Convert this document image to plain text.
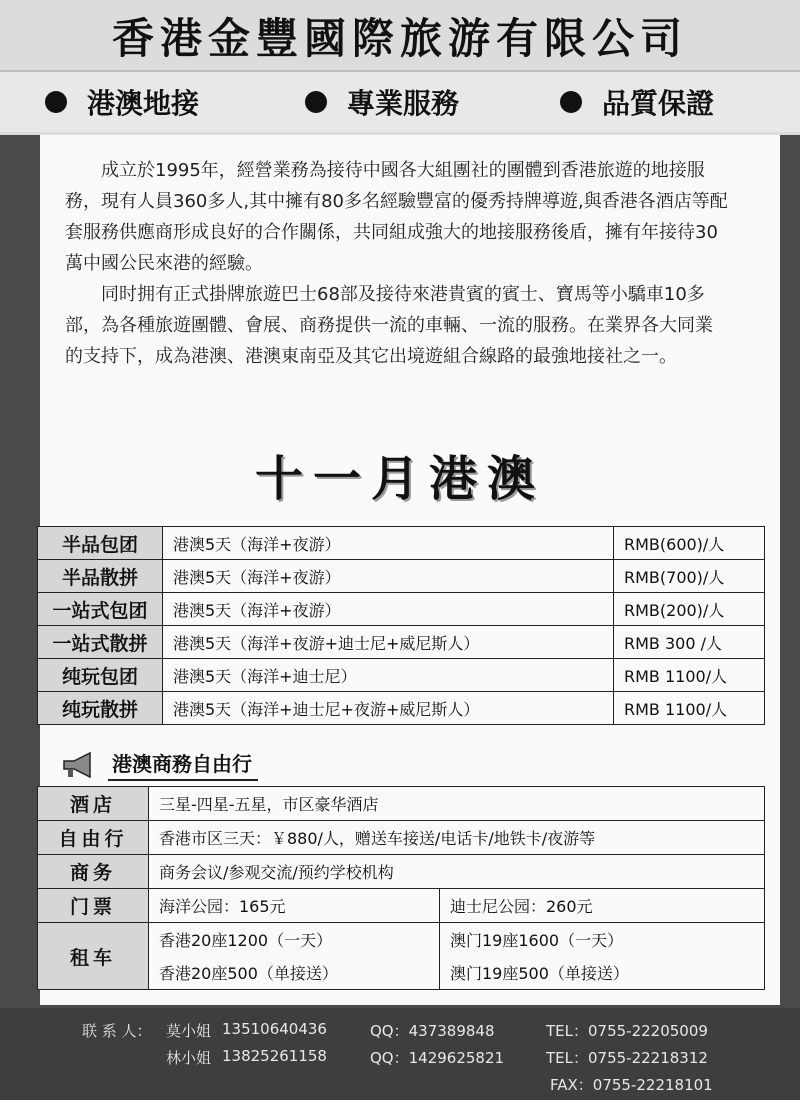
香港金豐國際旅游有限公司
港澳地接	專業服務	品質保證

成立於1995年，經營業務為接待中國各大組團社的團體到香港旅遊的地接服務，現有人員360多人,其中擁有80多名經驗豐富的優秀持牌導遊,與香港各酒店等配套服務供應商形成良好的合作關係，共同組成強大的地接服務後盾，擁有年接待30萬中國公民來港的經驗。

同时拥有正式掛牌旅遊巴士68部及接待來港貴賓的賓士、寶馬等小驕車10多部，為各種旅遊團體、會展、商務提供一流的車輛、一流的服務。在業界各大同業的支持下，成為港澳、港澳東南亞及其它出境遊組合線路的最強地接社之一。

十一月港澳
半品包团	港澳5天（海洋+夜游）	RMB(600)/人
半品散拼	港澳5天（海洋+夜游）	RMB(700)/人
一站式包团	港澳5天（海洋+夜游）	RMB(200)/人
一站式散拼	港澳5天（海洋+夜游+迪士尼+威尼斯人）	RMB 300 /人
纯玩包团	港澳5天（海洋+迪士尼）	RMB 1100/人
纯玩散拼	港澳5天（海洋+迪士尼+夜游+威尼斯人）	RMB 1100/人
港澳商務自由行
酒店	三星-四星-五星，市区豪华酒店	
自由行	香港市区三天：￥880/人，赠送车接送/电话卡/地铁卡/夜游等	
商务	商务会议/参观交流/预约学校机构	
门票	海洋公园：165元	迪士尼公园：260元
租车	香港20座1200（一天）	澳门19座1600（一天）
	香港20座500（单接送）	澳门19座500（单接送）
联 系 人： 莫小姐 13510640436	QQ：437389848	TEL：0755-22205009
林小姐 13825261158	QQ：1429625821	TEL：0755-22218312
FAX：0755-22218101
